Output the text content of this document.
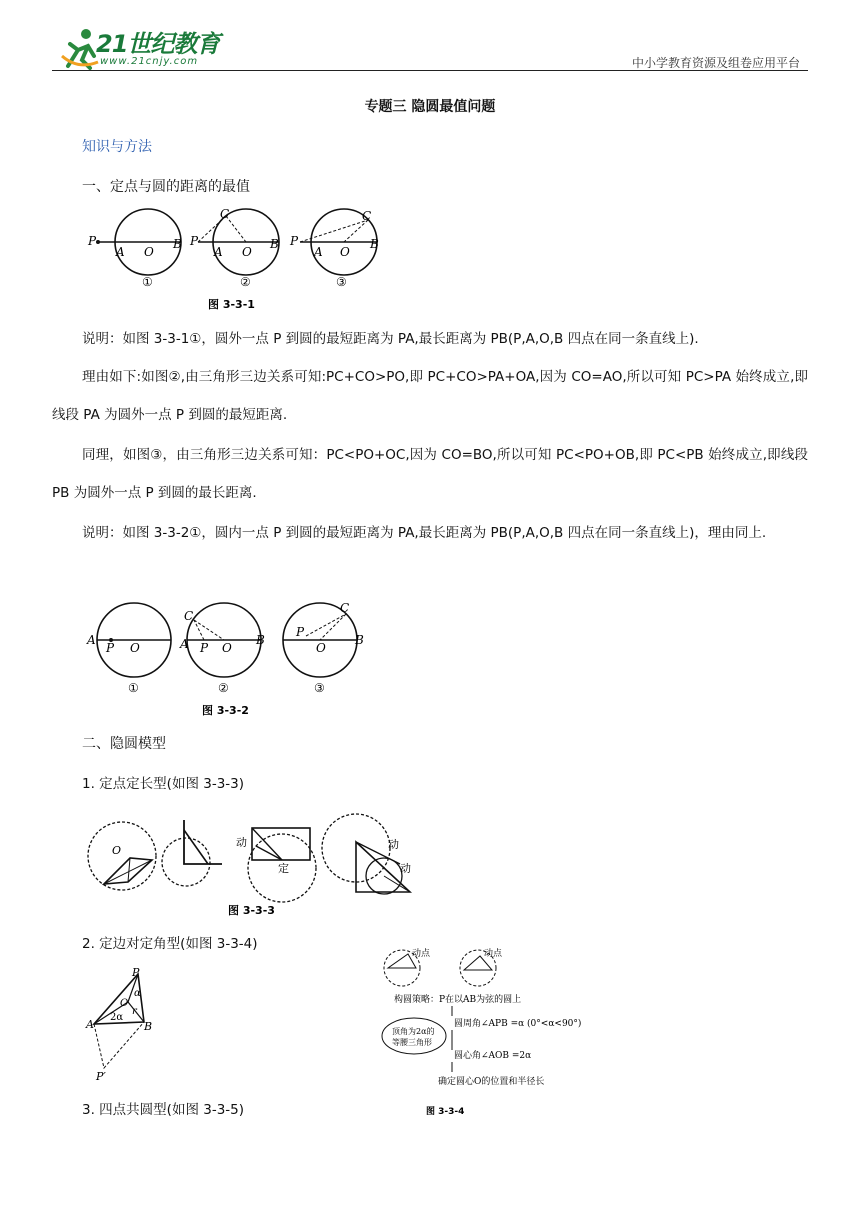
21世纪教育
www.21cnjy.com	中小学教育资源及组卷应用平台
专题三 隐圆最值问题
知识与方法
一、定点与圆的距离的最值
P
A O
B
①
P
C
A O
B
②
P
C
A O
B
③
图 3-3-1
说明：如图 3-3-1①，圆外一点 P 到圆的最短距离为 PA,最长距离为 PB(P,A,O,B 四点在同一条直线上).
理由如下:如图②,由三角形三边关系可知:PC+CO>PO,即 PC+CO>PA+OA,因为 CO=AO,所以可知 PC>PA 始终成立,即线段 PA 为圆外一点 P 到圆的最短距离.
同理，如图③，由三角形三边关系可知：PC<PO+OC,因为 CO=BO,所以可知 PC<PO+OB,即 PC<PB 始终成立,即线段 PB 为圆外一点 P 到圆的最长距离.
说明：如图 3-3-2①，圆内一点 P 到圆的最短距离为 PA,最长距离为 PB(P,A,O,B 四点在同一条直线上)，理由同上.
A
P O
①
C
A P O
B
②
P
C
O
B
③
图 3-3-2
二、隐圆模型
1. 定点定长型(如图 3-3-3)
O
动
定
动
动
图 3-3-3
2. 定边对定角型(如图 3-3-4)
P
A	B
O
α
2α
r
P′
动点	动点
构圆策略：P在以AB为弦的圆上
圆周角∠APB =α (0°<α<90°)
顶角为2α的
等腰三角形
圆心角∠AOB =2α
确定圆心O的位置和半径长
图 3-3-4
3. 四点共圆型(如图 3-3-5)
